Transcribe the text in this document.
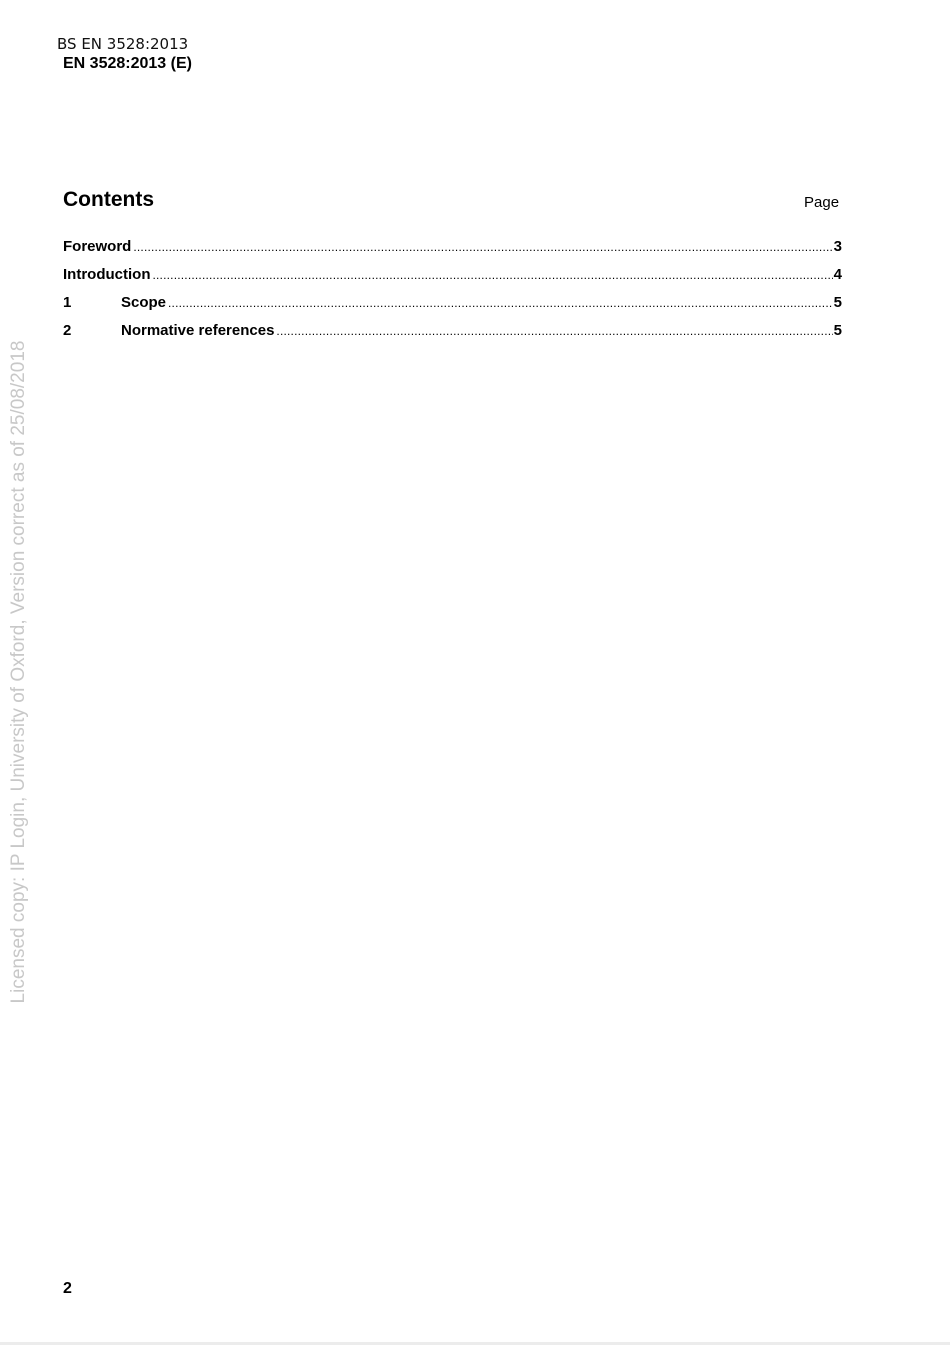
BS EN 3528:2013
EN 3528:2013 (E)
Contents	Page
Foreword .....	3
Introduction .....	4
1	Scope .....	5
2	Normative references .....	5
Licensed copy: IP Login, University of Oxford, Version correct as of 25/08/2018
2
